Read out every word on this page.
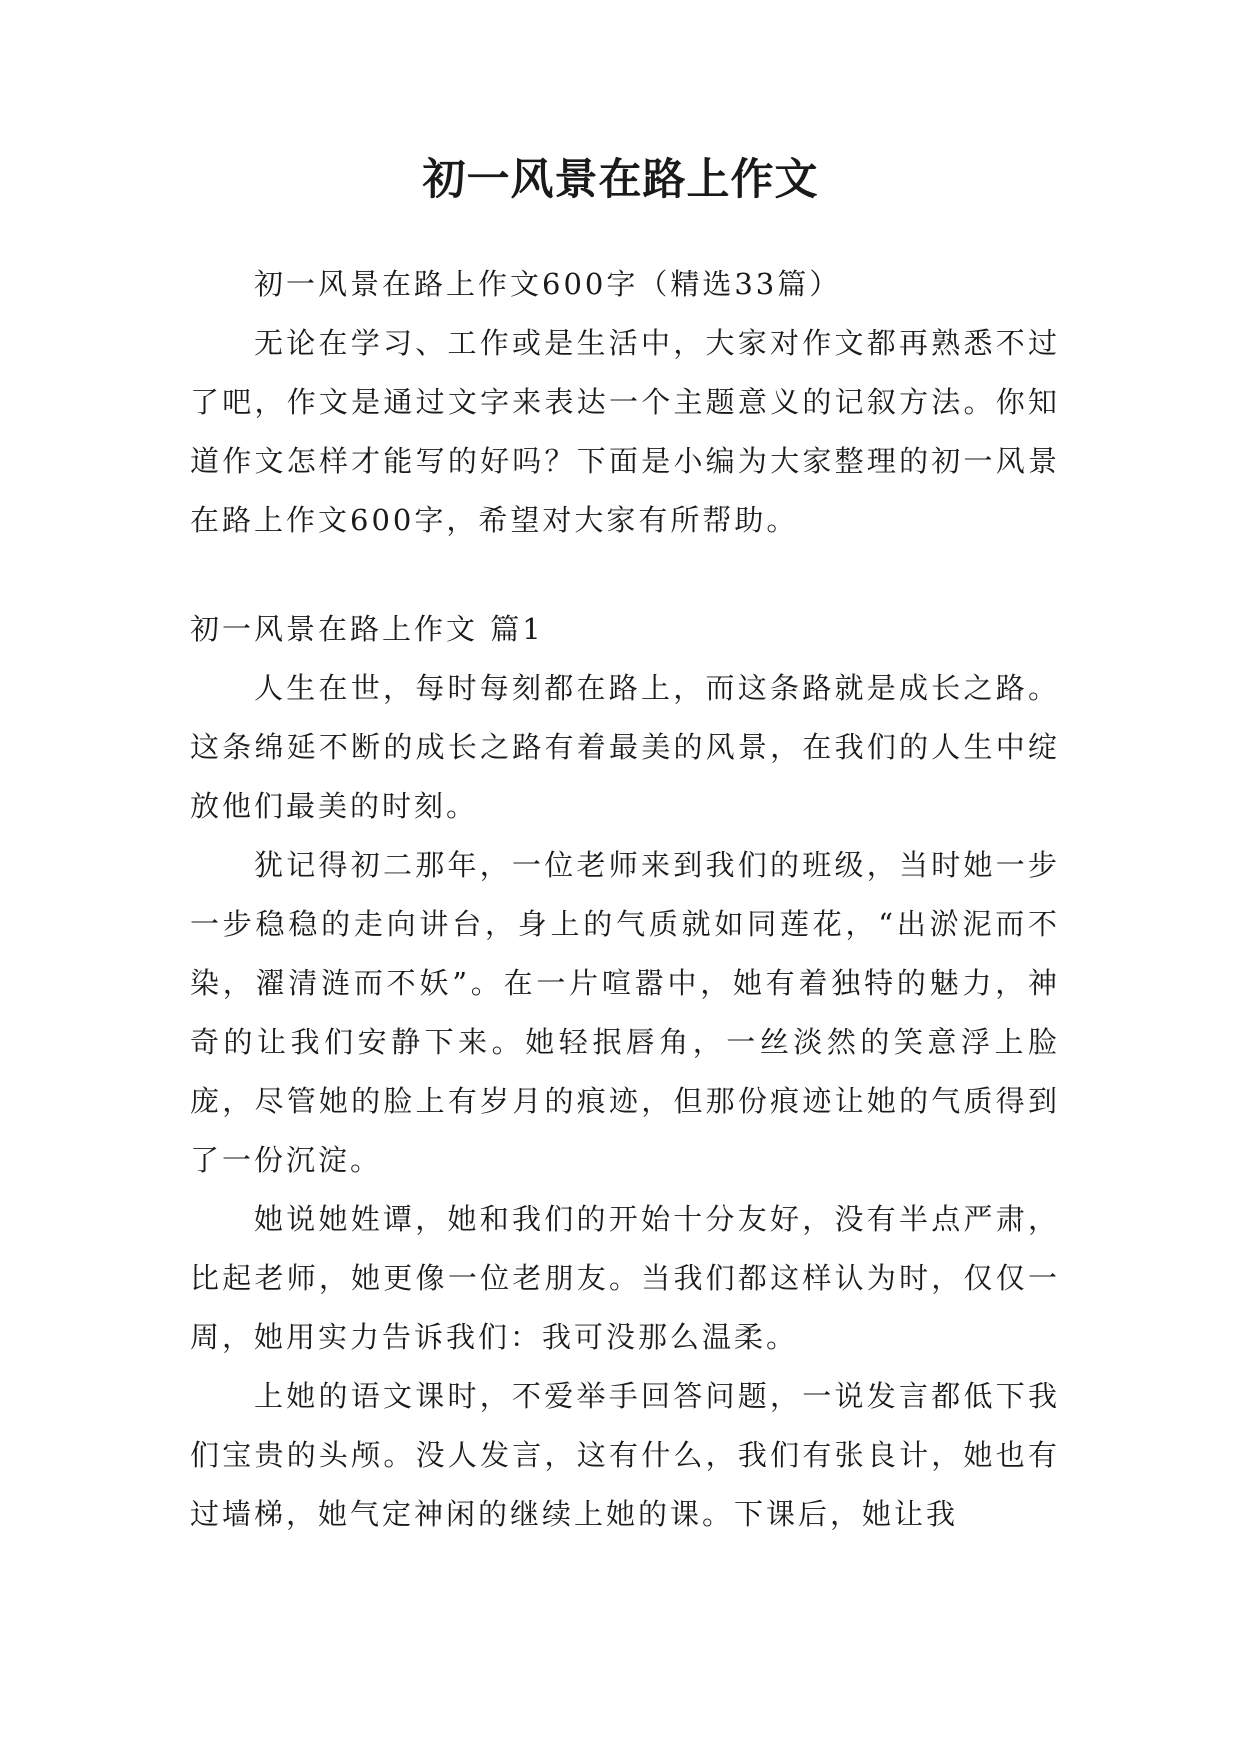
初一风景在路上作文

初一风景在路上作文600字（精选33篇）

无论在学习、工作或是生活中，大家对作文都再熟悉不过了吧，作文是通过文字来表达一个主题意义的记叙方法。你知道作文怎样才能写的好吗？下面是小编为大家整理的初一风景在路上作文600字，希望对大家有所帮助。

初一风景在路上作文 篇1

人生在世，每时每刻都在路上，而这条路就是成长之路。这条绵延不断的成长之路有着最美的风景，在我们的人生中绽放他们最美的时刻。

犹记得初二那年，一位老师来到我们的班级，当时她一步一步稳稳的走向讲台，身上的气质就如同莲花，“出淤泥而不染，濯清涟而不妖”。在一片喧嚣中，她有着独特的魅力，神奇的让我们安静下来。她轻抿唇角，一丝淡然的笑意浮上脸庞，尽管她的脸上有岁月的痕迹，但那份痕迹让她的气质得到了一份沉淀。

她说她姓谭，她和我们的开始十分友好，没有半点严肃，比起老师，她更像一位老朋友。当我们都这样认为时，仅仅一周，她用实力告诉我们：我可没那么温柔。

上她的语文课时，不爱举手回答问题，一说发言都低下我们宝贵的头颅。没人发言，这有什么，我们有张良计，她也有过墙梯，她气定神闲的继续上她的课。下课后，她让我
